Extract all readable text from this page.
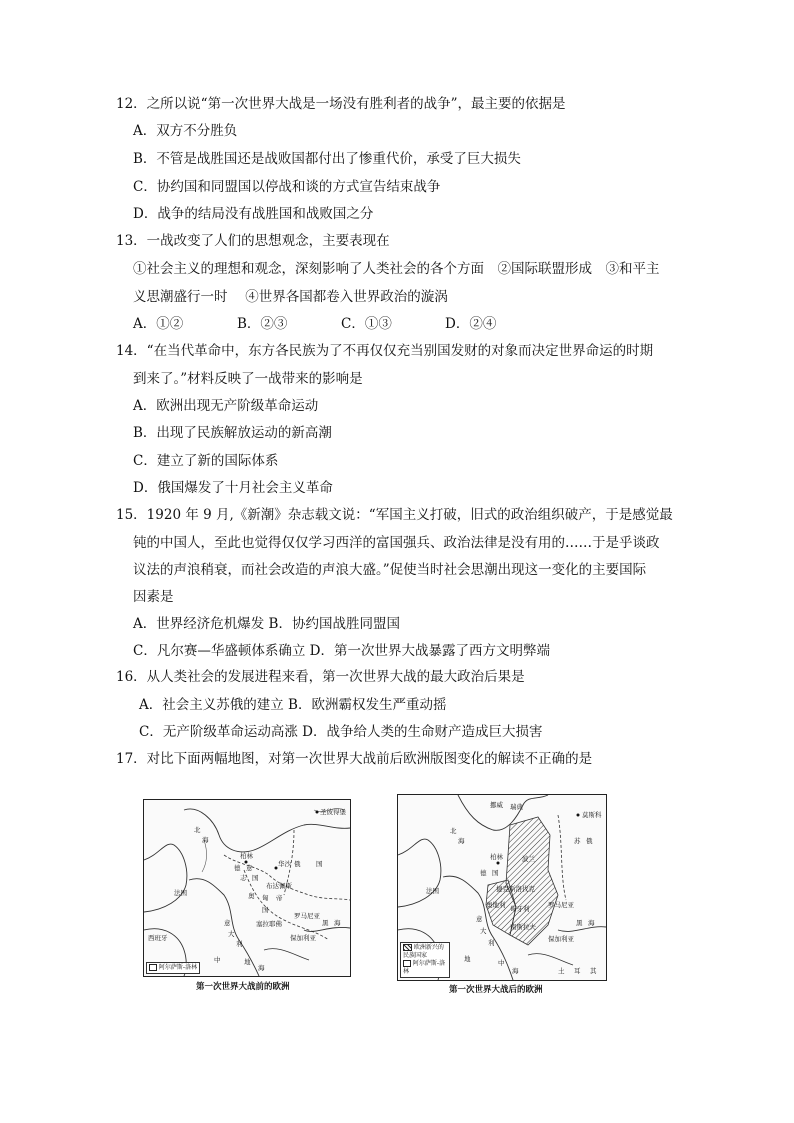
12．之所以说“第一次世界大战是一场没有胜利者的战争”，最主要的依据是
A．双方不分胜负
B．不管是战胜国还是战败国都付出了惨重代价，承受了巨大损失
C．协约国和同盟国以停战和谈的方式宣告结束战争
D．战争的结局没有战胜国和战败国之分
13．一战改变了人们的思想观念，主要表现在
①社会主义的理想和观念，深刻影响了人类社会的各个方面　②国际联盟形成　③和平主
义思潮盛行一时　 ④世界各国都卷入世界政治的漩涡
A．①②	B．②③	C．①③	D．②④
14．“在当代革命中，东方各民族为了不再仅仅充当别国发财的对象而决定世界命运的时期
到来了。”材料反映了一战带来的影响是
A．欧洲出现无产阶级革命运动
B．出现了民族解放运动的新高潮
C．建立了新的国际体系
D．俄国爆发了十月社会主义革命
15．1920 年 9 月,《新潮》杂志载文说：“军国主义打破，旧式的政治组织破产，于是感觉最
钝的中国人，至此也觉得仅仅学习西洋的富国强兵、政治法律是没有用的……于是乎谈政
议法的声浪稍衰，而社会改造的声浪大盛。”促使当时社会思潮出现这一变化的主要国际
因素是
A．世界经济危机爆发 B．协约国战胜同盟国
C．凡尔赛—华盛顿体系确立 D．第一次世界大战暴露了西方文明弊端
16．从人类社会的发展进程来看，第一次世界大战的最大政治后果是
A．社会主义苏俄的建立 B．欧洲霸权发生严重动摇
C．无产阶级革命运动高涨 D．战争给人类的生命财产造成巨大损害
17．对比下面两幅地图，对第一次世界大战前后欧洲版图变化的解读不正确的是
圣彼得堡
北
海
柏林
德 意
志 国
俄 国
华沙
法国	奥 匈 帝
国
布达佩斯
塞拉耶佛
罗马尼亚
黑 海
意
大
利
保加利亚
西班牙
中	地
海
阿尔萨斯-洛林
第一次世界大战前的欧洲
挪威 瑞典
莫斯科
北
海	苏 俄
柏林
德 国
波兰
法国	捷克斯洛伐克
奥地利 匈牙利	罗马尼亚
南斯拉夫	黑 海
意
大
利	保加利亚
地	中
海	土 耳 其
欧洲新兴的民族国家
阿尔萨斯-洛林
第一次世界大战后的欧洲
